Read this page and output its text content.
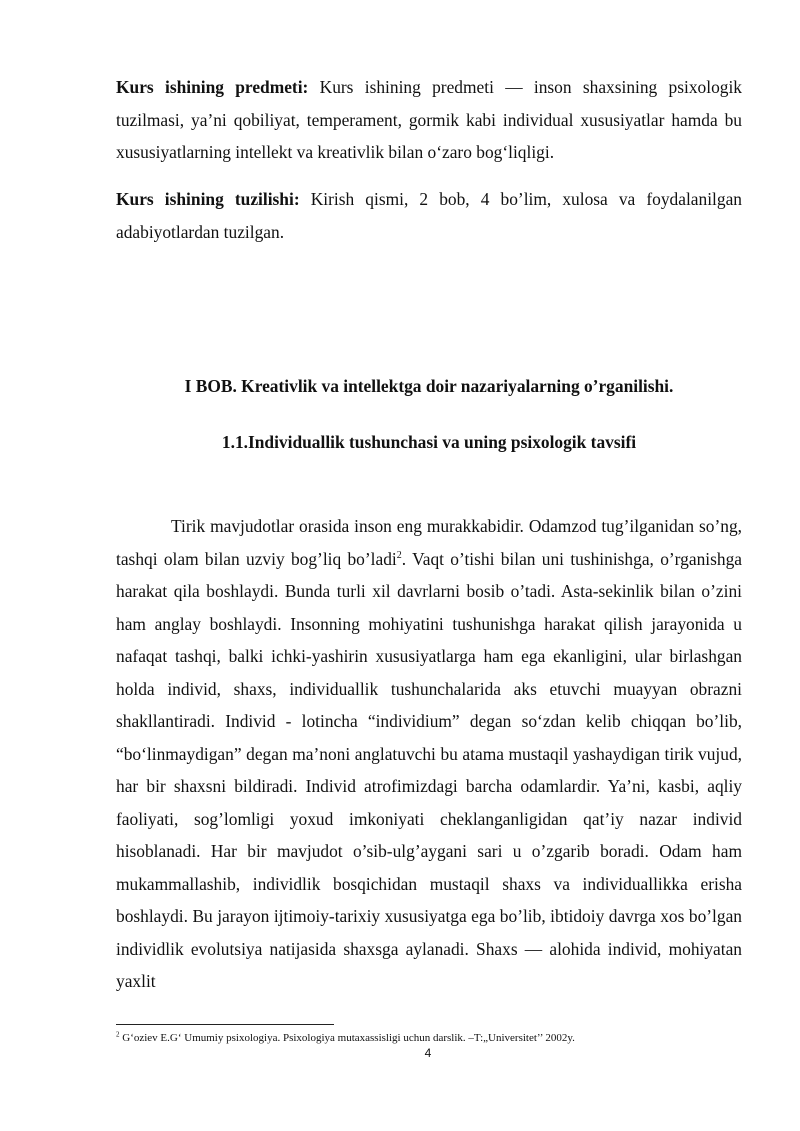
Kurs ishining predmeti: Kurs ishining predmeti — inson shaxsining psixologik tuzilmasi, ya’ni qobiliyat, temperament, gormik kabi individual xususiyatlar hamda bu xususiyatlarning intellekt va kreativlik bilan o‘zaro bog‘liqligi.

Kurs ishining tuzilishi: Kirish qismi, 2 bob, 4 bo’lim, xulosa va foydalanilgan adabiyotlardan tuzilgan.

I BOB. Kreativlik va intellektga doir nazariyalarning o’rganilishi.
1.1.Individuallik tushunchasi va uning psixologik tavsifi

Tirik mavjudotlar orasida inson eng murakkabidir. Odamzod tug’ilganidan so’ng, tashqi olam bilan uzviy bog’liq bo’ladi$^2$. Vaqt o’tishi bilan uni tushinishga, o’rganishga harakat qila boshlaydi. Bunda turli xil davrlarni bosib o’tadi. Asta-sekinlik bilan o’zini ham anglay boshlaydi. Insonning mohiyatini tushunishga harakat qilish jarayonida u nafaqat tashqi, balki ichki-yashirin xususiyatlarga ham ega ekanligini, ular birlashgan holda individ, shaxs, individuallik tushunchalarida aks etuvchi muayyan obrazni shakllantiradi. Individ - lotincha “individium” degan so‘zdan kelib chiqqan bo’lib, “bo‘linmaydigan” degan ma’noni anglatuvchi bu atama mustaqil yashaydigan tirik vujud, har bir shaxsni bildiradi. Individ atrofimizdagi barcha odamlardir. Ya’ni, kasbi, aqliy faoliyati, sog’lomligi yoxud imkoniyati cheklanganligidan qat’iy nazar individ hisoblanadi. Har bir mavjudot o’sib-ulg’aygani sari u o’zgarib boradi. Odam ham mukammallashib, individlik bosqichidan mustaqil shaxs va individuallikka erisha boshlaydi. Bu jarayon ijtimoiy-tarixiy xususiyatga ega bo’lib, ibtidoiy davrga xos bo’lgan individlik evolutsiya natijasida shaxsga aylanadi. Shaxs — alohida individ, mohiyatan yaxlit

$^2$ G‘oziev E.G‘ Umumiy psixologiya. Psixologiya mutaxassisligi uchun darslik. –T:„Universitet’’ 2002y.

4
